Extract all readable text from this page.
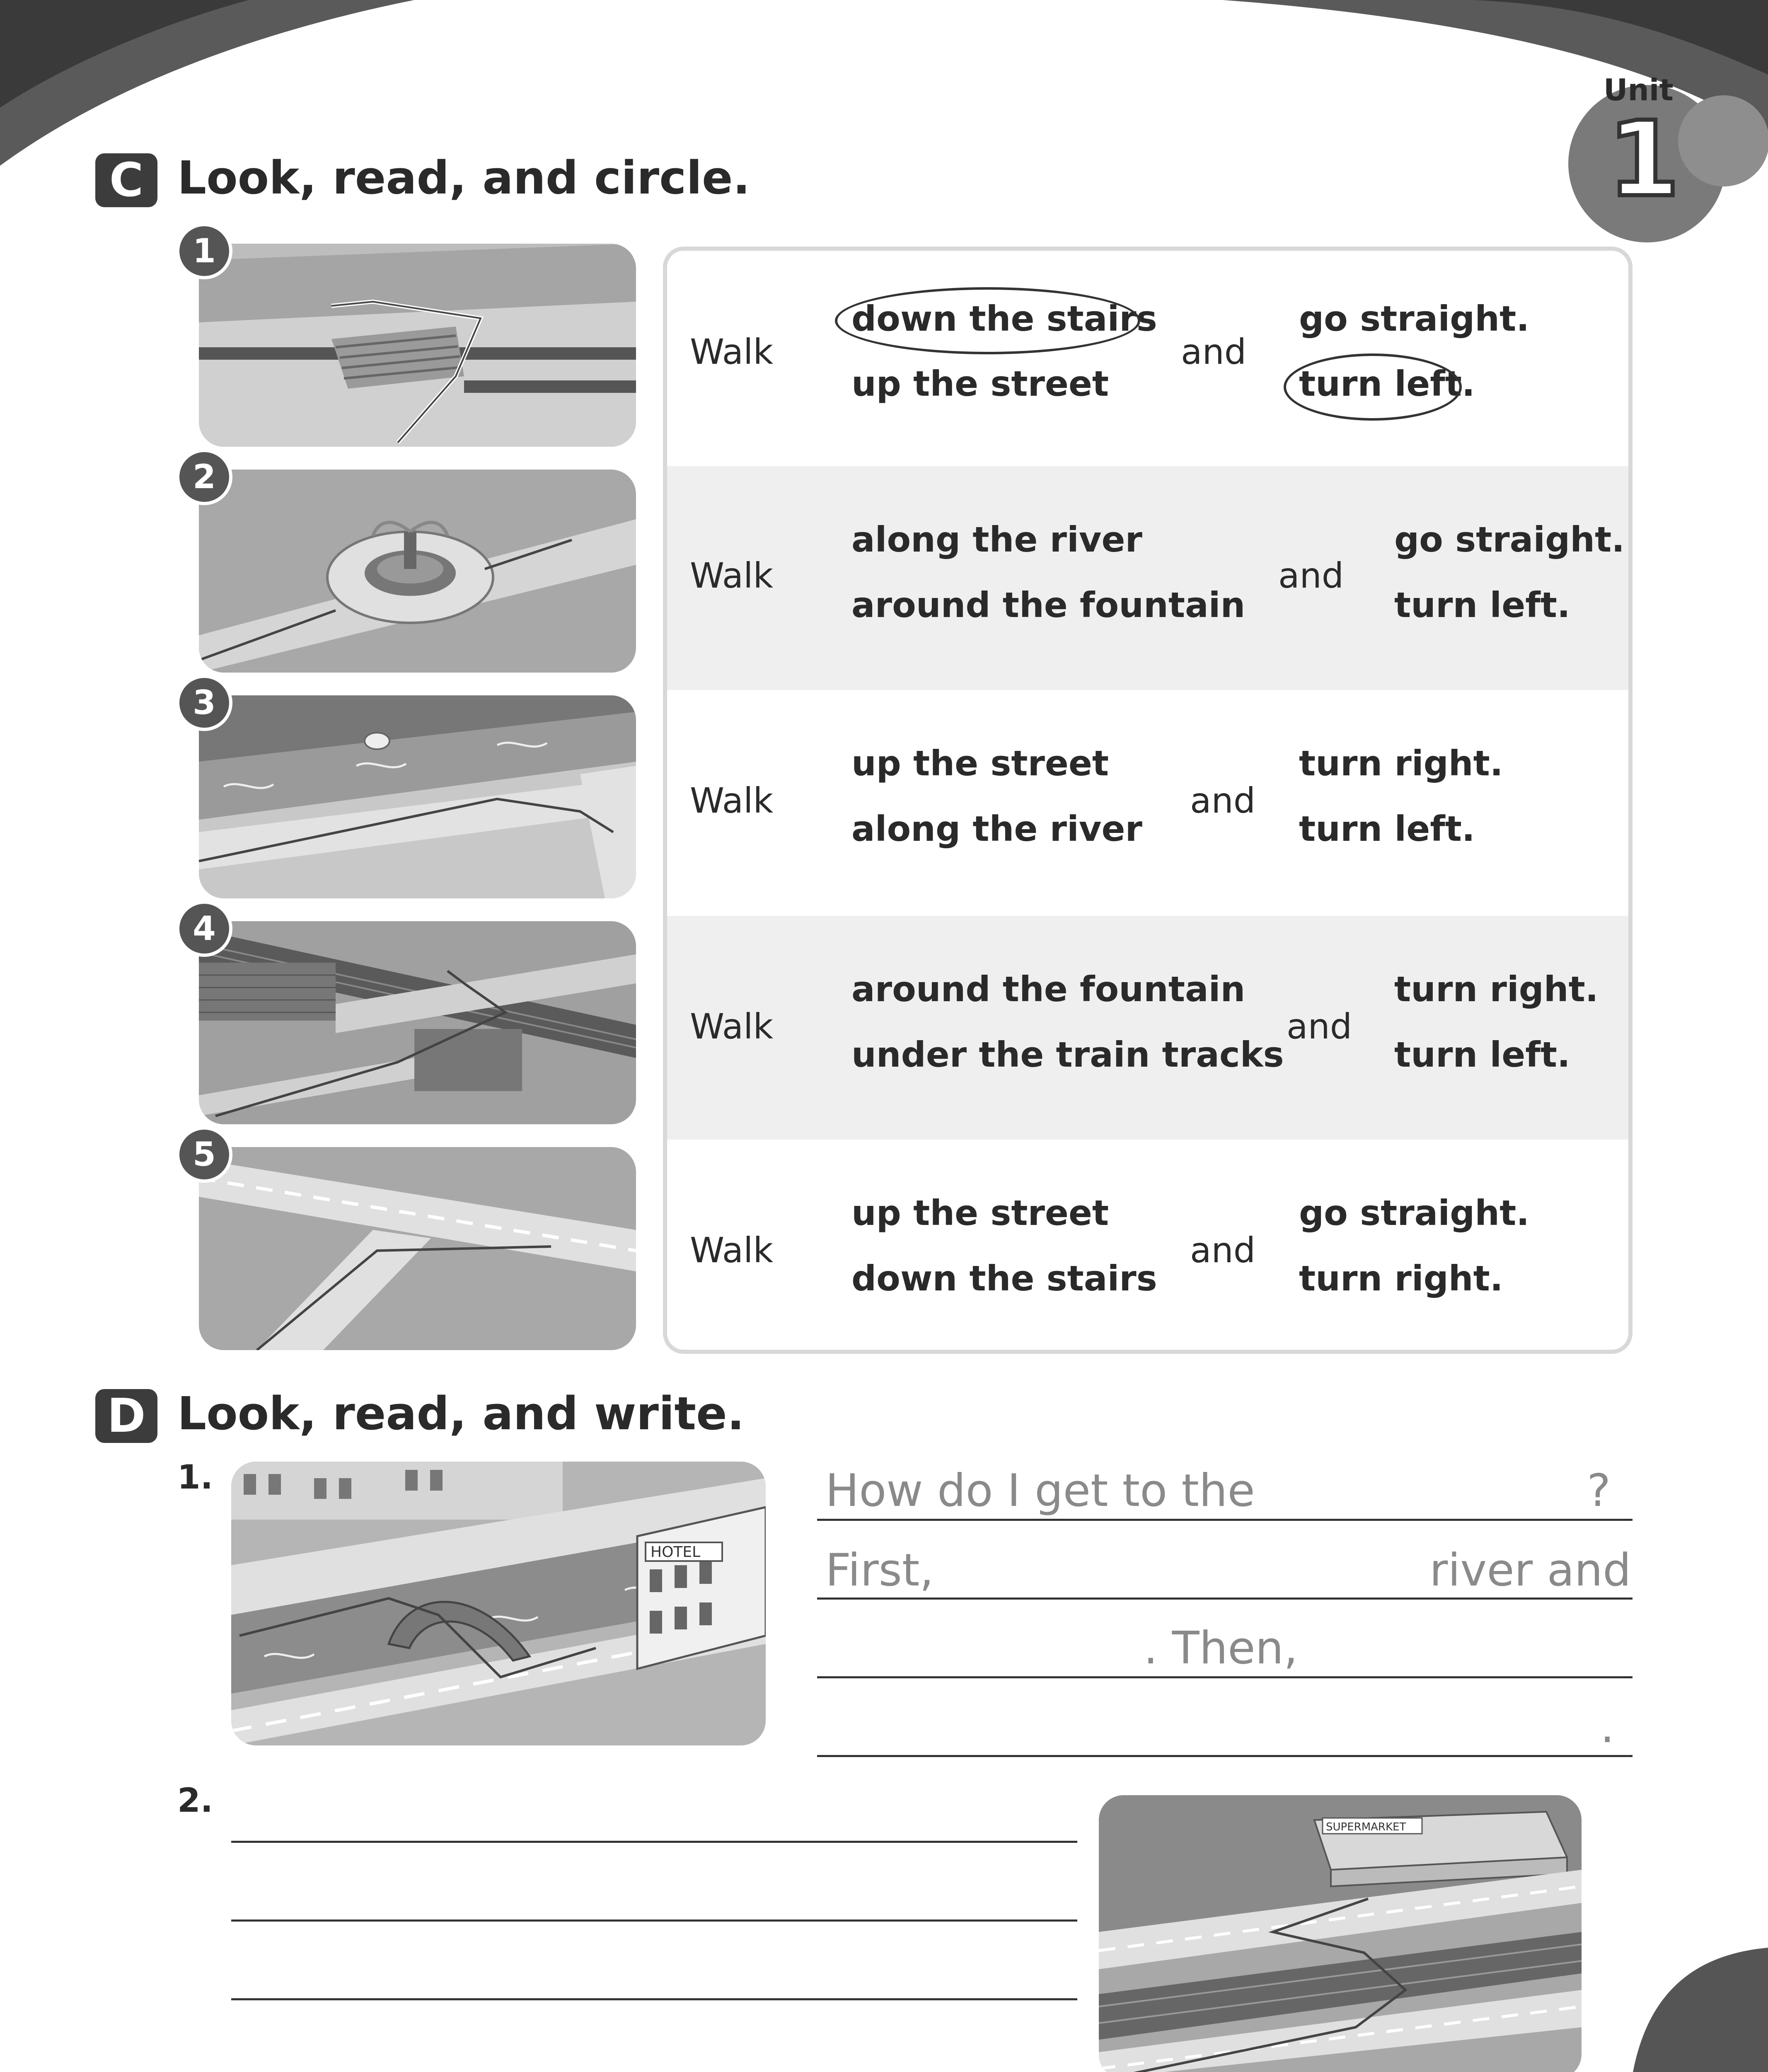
Unit
1
C Look, read, and circle.
1
2
3
4
5
Walk
down the stairs
up the street
and
go straight.
turn left.
Walk
along the river
around the fountain
and
go straight.
turn left.
Walk
up the street
along the river
and
turn right.
turn left.
Walk
around the fountain
under the train tracks
and
turn right.
turn left.
Walk
up the street
down the stairs
and
go straight.
turn right.
D Look, read, and write.
1.
HOTEL
How do I get to the	?
First,	river and
. Then,
.
2.
SUPERMARKET
